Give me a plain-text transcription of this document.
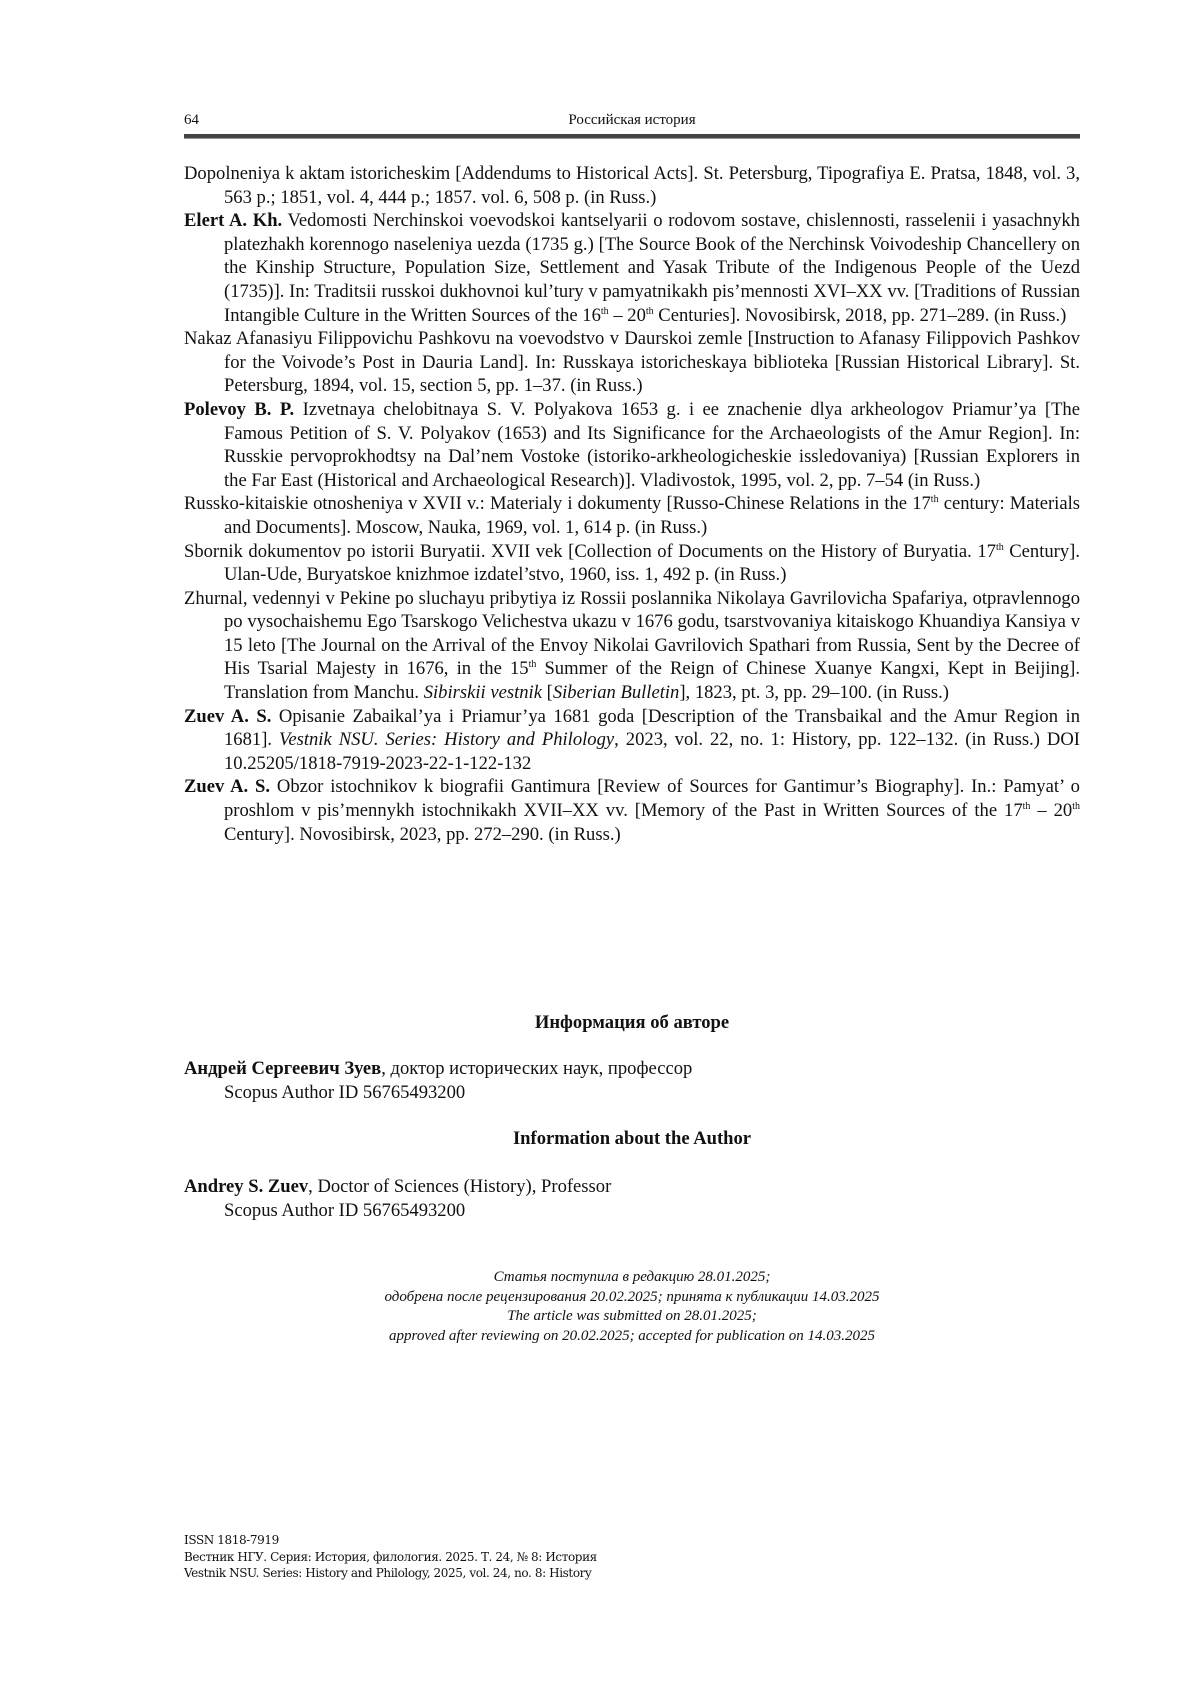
64	Российская история
Dopolneniya k aktam istoricheskim [Addendums to Historical Acts]. St. Petersburg, Tipografiya E. Pratsa, 1848, vol. 3, 563 p.; 1851, vol. 4, 444 p.; 1857. vol. 6, 508 p. (in Russ.)
Elert A. Kh. Vedomosti Nerchinskoi voevodskoi kantselyarii o rodovom sostave, chislennosti, rasselenii i yasachnykh platezhakh korennogo naseleniya uezda (1735 g.) [The Source Book of the Nerchinsk Voivodeship Chancellery on the Kinship Structure, Population Size, Settlement and Yasak Tribute of the Indigenous People of the Uezd (1735)]. In: Traditsii russkoi dukhovnoi kul’tury v pamyatnikakh pis’mennosti XVI–XX vv. [Traditions of Russian Intangible Culture in the Written Sources of the 16th – 20th Centuries]. Novosibirsk, 2018, pp. 271–289. (in Russ.)
Nakaz Afanasiyu Filippovichu Pashkovu na voevodstvo v Daurskoi zemle [Instruction to Afanasy Filippovich Pashkov for the Voivode’s Post in Dauria Land]. In: Russkaya istoricheskaya biblioteka [Russian Historical Library]. St. Petersburg, 1894, vol. 15, section 5, pp. 1–37. (in Russ.)
Polevoy B. P. Izvetnaya chelobitnaya S. V. Polyakova 1653 g. i ee znachenie dlya arkheologov Priamur’ya [The Famous Petition of S. V. Polyakov (1653) and Its Significance for the Archaeologists of the Amur Region]. In: Russkie pervoprokhodtsy na Dal’nem Vostoke (istoriko-arkheologicheskie issledovaniya) [Russian Explorers in the Far East (Historical and Archaeological Research)]. Vladivostok, 1995, vol. 2, pp. 7–54 (in Russ.)
Russko-kitaiskie otnosheniya v XVII v.: Materialy i dokumenty [Russo-Chinese Relations in the 17th century: Materials and Documents]. Moscow, Nauka, 1969, vol. 1, 614 p. (in Russ.)
Sbornik dokumentov po istorii Buryatii. XVII vek [Collection of Documents on the History of Buryatia. 17th Century]. Ulan-Ude, Buryatskoe knizhmoe izdatel’stvo, 1960, iss. 1, 492 p. (in Russ.)
Zhurnal, vedennyi v Pekine po sluchayu pribytiya iz Rossii poslannika Nikolaya Gavrilovicha Spafariya, otpravlennogo po vysochaishemu Ego Tsarskogo Velichestva ukazu v 1676 godu, tsarstvovaniya kitaiskogo Khuandiya Kansiya v 15 leto [The Journal on the Arrival of the Envoy Nikolai Gavrilovich Spathari from Russia, Sent by the Decree of His Tsarial Majesty in 1676, in the 15th Summer of the Reign of Chinese Xuanye Kangxi, Kept in Beijing]. Translation from Manchu. Sibirskii vestnik [Siberian Bulletin], 1823, pt. 3, pp. 29–100. (in Russ.)
Zuev A. S. Opisanie Zabaikal’ya i Priamur’ya 1681 goda [Description of the Transbaikal and the Amur Region in 1681]. Vestnik NSU. Series: History and Philology, 2023, vol. 22, no. 1: History, pp. 122–132. (in Russ.) DOI 10.25205/1818-7919-2023-22-1-122-132
Zuev A. S. Obzor istochnikov k biografii Gantimura [Review of Sources for Gantimur’s Biography]. In.: Pamyat’ o proshlom v pis’mennykh istochnikakh XVII–XX vv. [Memory of the Past in Written Sources of the 17th – 20th Century]. Novosibirsk, 2023, pp. 272–290. (in Russ.)
Информация об авторе
Андрей Сергеевич Зуев, доктор исторических наук, профессор
Scopus Author ID 56765493200
Information about the Author
Andrey S. Zuev, Doctor of Sciences (History), Professor
Scopus Author ID 56765493200
Статья поступила в редакцию 28.01.2025;
одобрена после рецензирования 20.02.2025; принята к публикации 14.03.2025
The article was submitted on 28.01.2025;
approved after reviewing on 20.02.2025; accepted for publication on 14.03.2025
ISSN 1818-7919
Вестник НГУ. Серия: История, филология. 2025. Т. 24, № 8: История
Vestnik NSU. Series: History and Philology, 2025, vol. 24, no. 8: History
